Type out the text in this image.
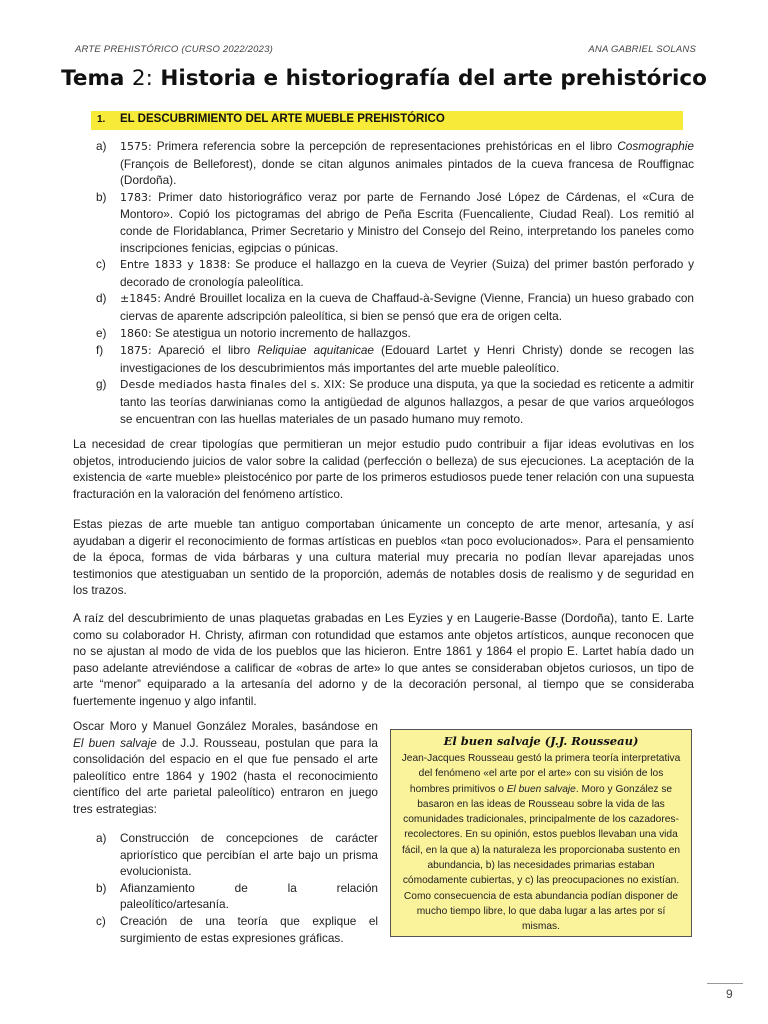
ARTE PREHISTÓRICO (CURSO 2022/2023)	ANA GABRIEL SOLANS
Tema 2: Historia e historiografía del arte prehistórico
1. EL DESCUBRIMIENTO DEL ARTE MUEBLE PREHISTÓRICO
a) 1575: Primera referencia sobre la percepción de representaciones prehistóricas en el libro Cosmographie (François de Belleforest), donde se citan algunos animales pintados de la cueva francesa de Rouffignac (Dordoña).
b) 1783: Primer dato historiográfico veraz por parte de Fernando José López de Cárdenas, el «Cura de Montoro». Copió los pictogramas del abrigo de Peña Escrita (Fuencaliente, Ciudad Real). Los remitió al conde de Floridablanca, Primer Secretario y Ministro del Consejo del Reino, interpretando los paneles como inscripciones fenicias, egipcias o púnicas.
c) Entre 1833 y 1838: Se produce el hallazgo en la cueva de Veyrier (Suiza) del primer bastón perforado y decorado de cronología paleolítica.
d) ±1845: André Brouillet localiza en la cueva de Chaffaud-à-Sevigne (Vienne, Francia) un hueso grabado con ciervas de aparente adscripción paleolítica, si bien se pensó que era de origen celta.
e) 1860: Se atestigua un notorio incremento de hallazgos.
f) 1875: Apareció el libro Reliquiae aquitanicae (Edouard Lartet y Henri Christy) donde se recogen las investigaciones de los descubrimientos más importantes del arte mueble paleolítico.
g) Desde mediados hasta finales del s. XIX: Se produce una disputa, ya que la sociedad es reticente a admitir tanto las teorías darwinianas como la antigüedad de algunos hallazgos, a pesar de que varios arqueólogos se encuentran con las huellas materiales de un pasado humano muy remoto.

La necesidad de crear tipologías que permitieran un mejor estudio pudo contribuir a fijar ideas evolutivas en los objetos, introduciendo juicios de valor sobre la calidad (perfección o belleza) de sus ejecuciones. La aceptación de la existencia de «arte mueble» pleistocénico por parte de los primeros estudiosos puede tener relación con una supuesta fracturación en la valoración del fenómeno artístico.

Estas piezas de arte mueble tan antiguo comportaban únicamente un concepto de arte menor, artesanía, y así ayudaban a digerir el reconocimiento de formas artísticas en pueblos «tan poco evolucionados». Para el pensamiento de la época, formas de vida bárbaras y una cultura material muy precaria no podían llevar aparejadas unos testimonios que atestiguaban un sentido de la proporción, además de notables dosis de realismo y de seguridad en los trazos.

A raíz del descubrimiento de unas plaquetas grabadas en Les Eyzies y en Laugerie-Basse (Dordoña), tanto E. Larte como su colaborador H. Christy, afirman con rotundidad que estamos ante objetos artísticos, aunque reconocen que no se ajustan al modo de vida de los pueblos que las hicieron. Entre 1861 y 1864 el propio E. Lartet había dado un paso adelante atreviéndose a calificar de «obras de arte» lo que antes se consideraban objetos curiosos, un tipo de arte “menor” equiparado a la artesanía del adorno y de la decoración personal, al tiempo que se consideraba fuertemente ingenuo y algo infantil.

Oscar Moro y Manuel González Morales, basándose en El buen salvaje de J.J. Rousseau, postulan que para la consolidación del espacio en el que fue pensado el arte paleolítico entre 1864 y 1902 (hasta el reconocimiento científico del arte parietal paleolítico) entraron en juego tres estrategias:

a) Construcción de concepciones de carácter apriorístico que percibían el arte bajo un prisma evolucionista.
b) Afianzamiento de la relación paleolítico/artesanía.
c) Creación de una teoría que explique el surgimiento de estas expresiones gráficas.
El buen salvaje (J.J. Rousseau)
Jean-Jacques Rousseau gestó la primera teoría interpretativa del fenómeno «el arte por el arte» con su visión de los hombres primitivos o El buen salvaje. Moro y González se basaron en las ideas de Rousseau sobre la vida de las comunidades tradicionales, principalmente de los cazadores-recolectores. En su opinión, estos pueblos llevaban una vida fácil, en la que a) la naturaleza les proporcionaba sustento en abundancia, b) las necesidades primarias estaban cómodamente cubiertas, y c) las preocupaciones no existían. Como consecuencia de esta abundancia podían disponer de mucho tiempo libre, lo que daba lugar a las artes por sí mismas.
9
